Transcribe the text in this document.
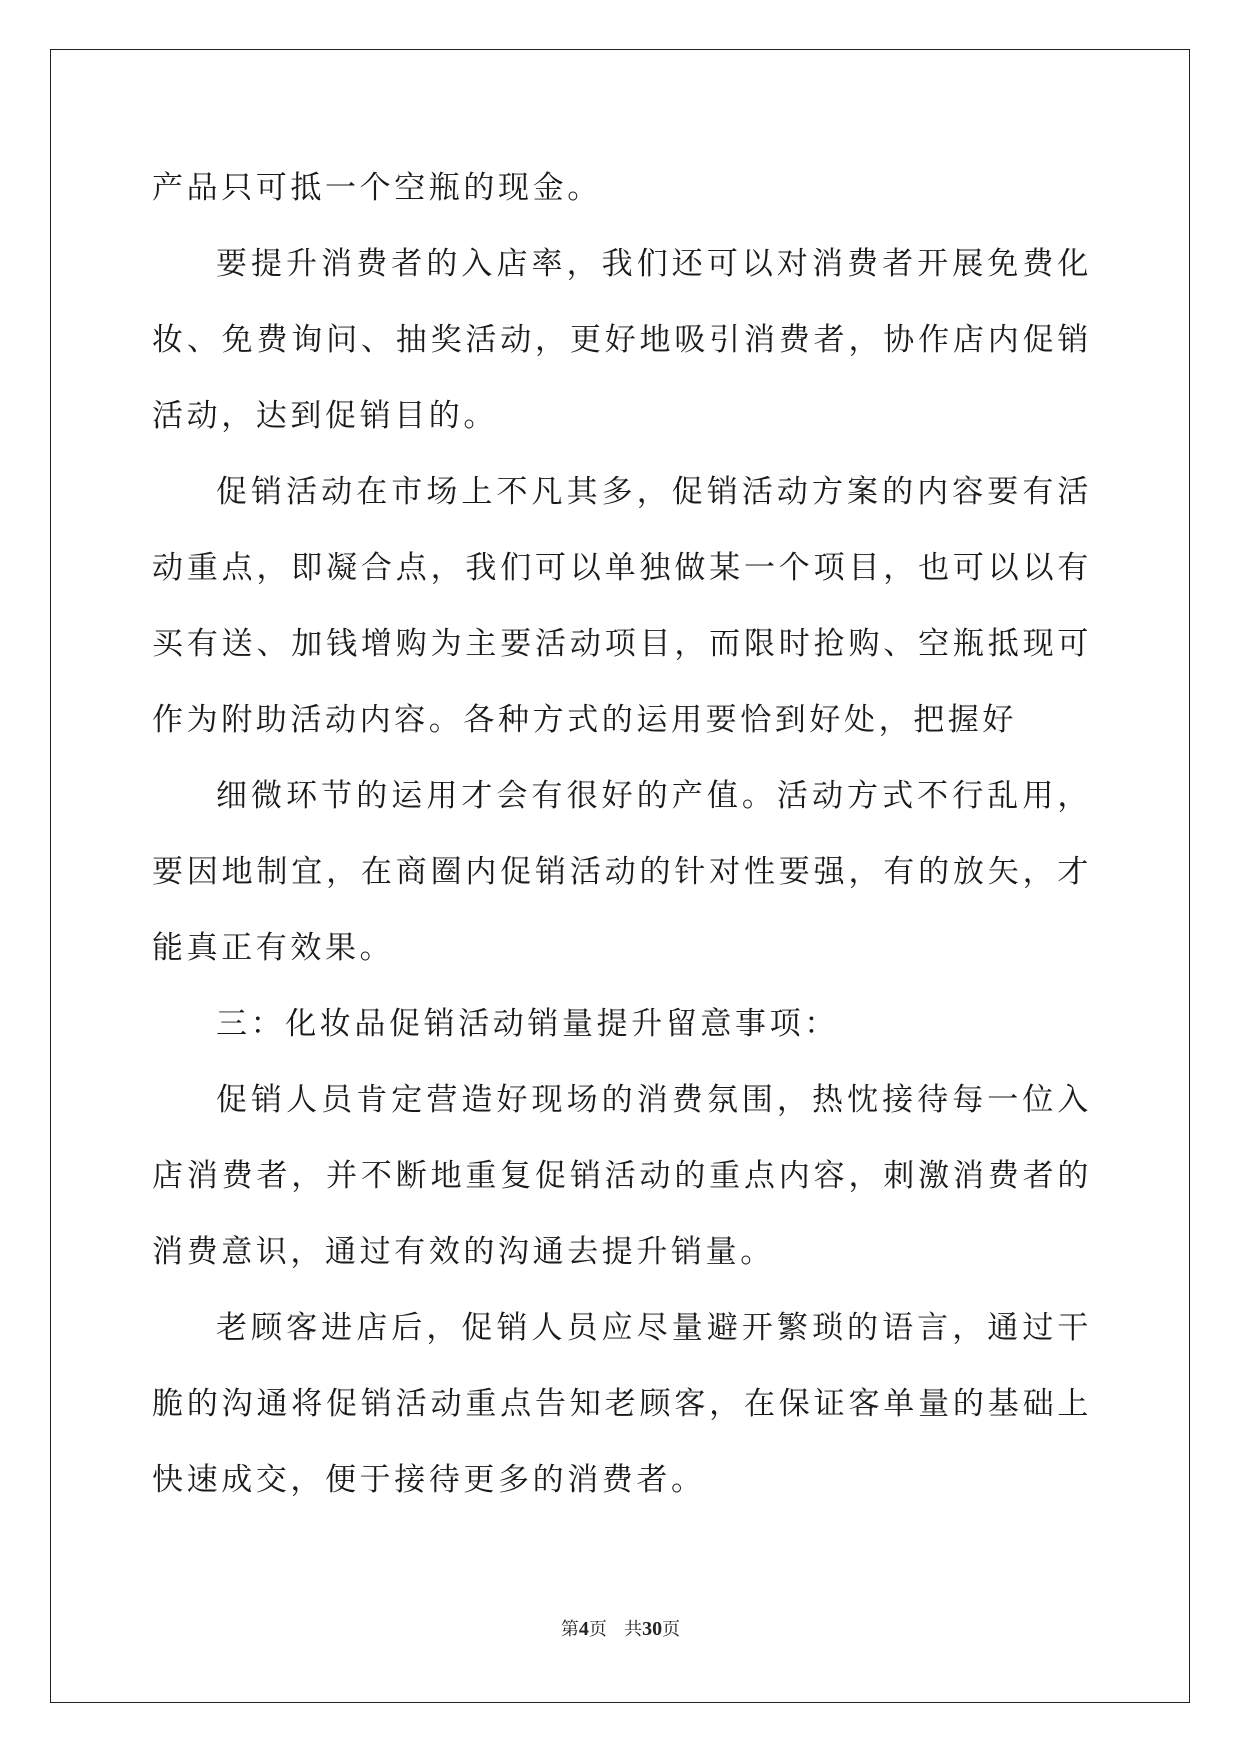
产品只可抵一个空瓶的现金。

要提升消费者的入店率，我们还可以对消费者开展免费化妆、免费询问、抽奖活动，更好地吸引消费者，协作店内促销活动，达到促销目的。

促销活动在市场上不凡其多，促销活动方案的内容要有活动重点，即凝合点，我们可以单独做某一个项目，也可以以有买有送、加钱增购为主要活动项目，而限时抢购、空瓶抵现可作为附助活动内容。各种方式的运用要恰到好处，把握好

细微环节的运用才会有很好的产值。活动方式不行乱用，要因地制宜，在商圈内促销活动的针对性要强，有的放矢，才能真正有效果。

三：化妆品促销活动销量提升留意事项：

促销人员肯定营造好现场的消费氛围，热忱接待每一位入店消费者，并不断地重复促销活动的重点内容，刺激消费者的消费意识，通过有效的沟通去提升销量。

老顾客进店后，促销人员应尽量避开繁琐的语言，通过干脆的沟通将促销活动重点告知老顾客，在保证客单量的基础上快速成交，便于接待更多的消费者。

第4页 共30页
